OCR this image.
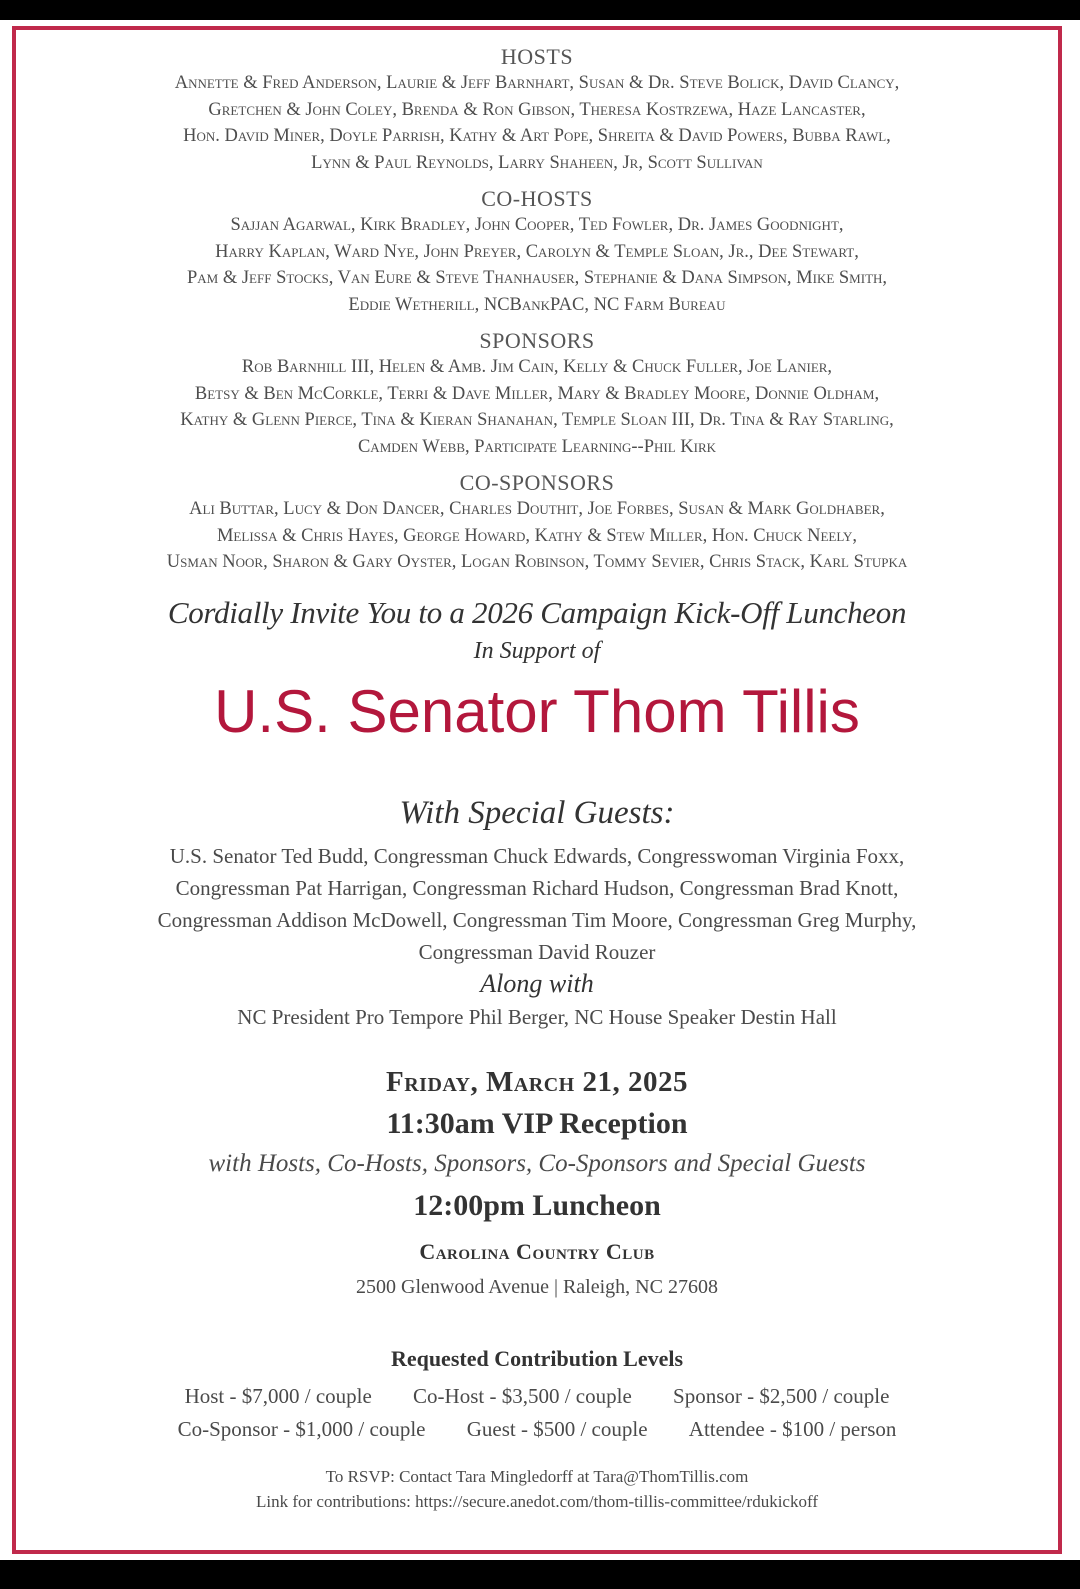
HOSTS
Annette & Fred Anderson, Laurie & Jeff Barnhart, Susan & Dr. Steve Bolick, David Clancy,
Gretchen & John Coley, Brenda & Ron Gibson, Theresa Kostrzewa, Haze Lancaster,
Hon. David Miner, Doyle Parrish, Kathy & Art Pope, Shreita & David Powers, Bubba Rawl,
Lynn & Paul Reynolds, Larry Shaheen, Jr, Scott Sullivan
CO-HOSTS
Sajjan Agarwal, Kirk Bradley, John Cooper, Ted Fowler, Dr. James Goodnight,
Harry Kaplan, Ward Nye, John Preyer, Carolyn & Temple Sloan, Jr., Dee Stewart,
Pam & Jeff Stocks, Van Eure & Steve Thanhauser, Stephanie & Dana Simpson, Mike Smith,
Eddie Wetherill, NCBankPAC, NC Farm Bureau
SPONSORS
Rob Barnhill III, Helen & Amb. Jim Cain, Kelly & Chuck Fuller, Joe Lanier,
Betsy & Ben McCorkle, Terri & Dave Miller, Mary & Bradley Moore, Donnie Oldham,
Kathy & Glenn Pierce, Tina & Kieran Shanahan, Temple Sloan III, Dr. Tina & Ray Starling,
Camden Webb, Participate Learning--Phil Kirk
CO-SPONSORS
Ali Buttar, Lucy & Don Dancer, Charles Douthit, Joe Forbes, Susan & Mark Goldhaber,
Melissa & Chris Hayes, George Howard, Kathy & Stew Miller, Hon. Chuck Neely,
Usman Noor, Sharon & Gary Oyster, Logan Robinson, Tommy Sevier, Chris Stack, Karl Stupka
Cordially Invite You to a 2026 Campaign Kick-Off Luncheon
In Support of
U.S. Senator Thom Tillis
With Special Guests:
U.S. Senator Ted Budd, Congressman Chuck Edwards, Congresswoman Virginia Foxx,
Congressman Pat Harrigan, Congressman Richard Hudson, Congressman Brad Knott,
Congressman Addison McDowell, Congressman Tim Moore, Congressman Greg Murphy,
Congressman David Rouzer
Along with
NC President Pro Tempore Phil Berger, NC House Speaker Destin Hall
Friday, March 21, 2025
11:30am VIP Reception
with Hosts, Co-Hosts, Sponsors, Co-Sponsors and Special Guests
12:00pm Luncheon
Carolina Country Club
2500 Glenwood Avenue | Raleigh, NC 27608
Requested Contribution Levels
Host - $7,000 / couple Co-Host - $3,500 / couple Sponsor - $2,500 / couple
Co-Sponsor - $1,000 / couple Guest - $500 / couple Attendee - $100 / person
To RSVP: Contact Tara Mingledorff at Tara@ThomTillis.com
Link for contributions: https://secure.anedot.com/thom-tillis-committee/rdukickoff
